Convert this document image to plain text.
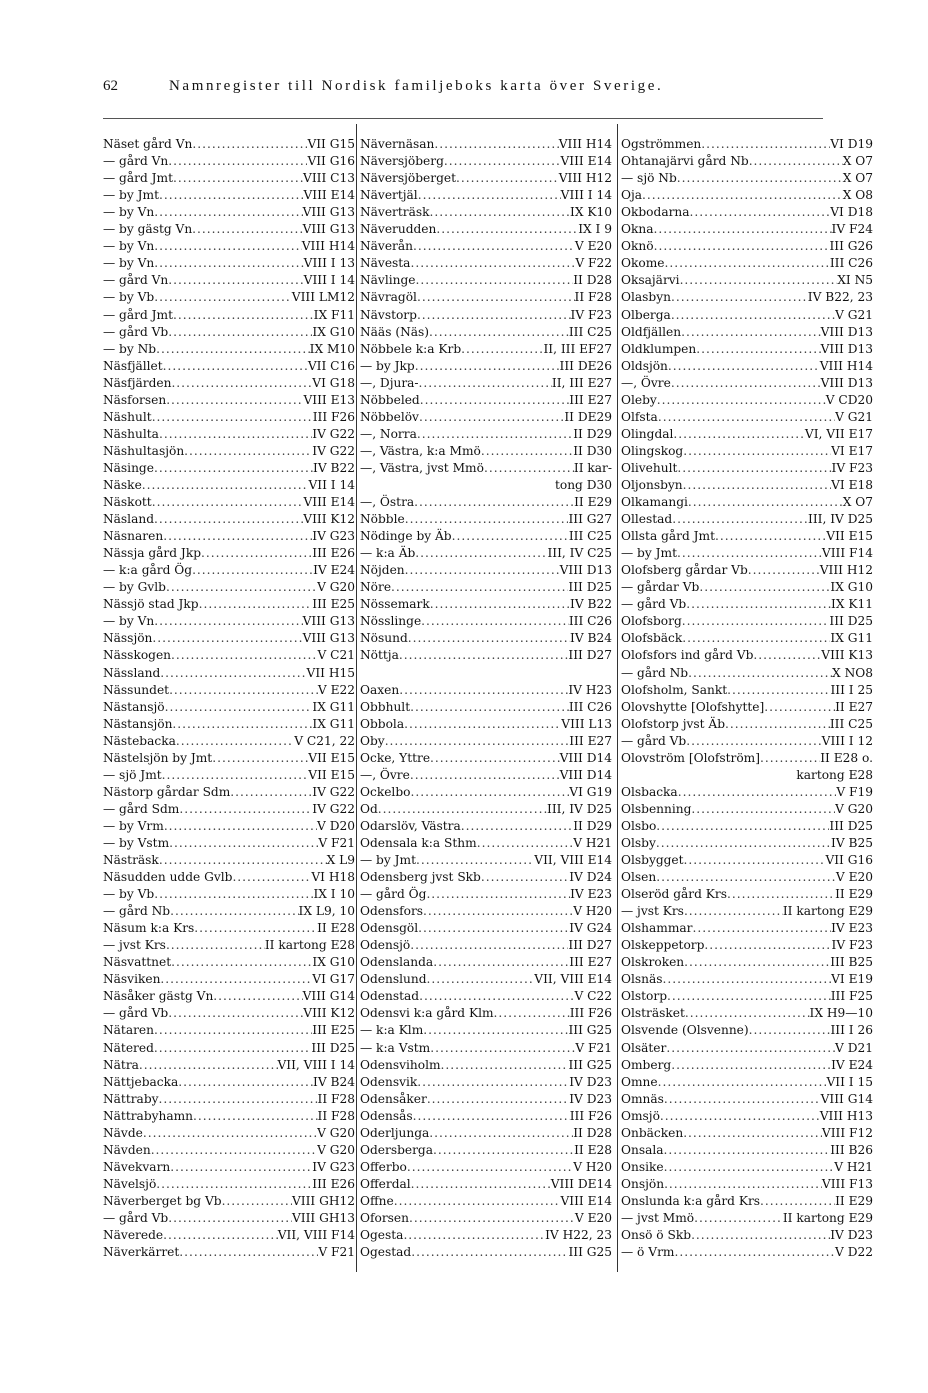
62	Namnregister till Nordisk familjeboks karta över Sverige.
Näset gård Vn .....	VII G15
— gård Vn .....	VII G16
— gård Jmt .....	VIII C13
— by Jmt .....	VIII E14
— by Vn .....	VIII G13
— by gästg Vn .....	VIII G13
— by Vn .....	VIII H14
— by Vn .....	VIII I 13
— gård Vn .....	VIII I 14
— by Vb .....	VIII LM12
— gård Jmt .....	IX F11
— gård Vb .....	IX G10
— by Nb .....	IX M10
Näsfjället .....	VII C16
Näsfjärden .....	VI G18
Näsforsen .....	VIII E13
Näshult .....	III F26
Näshulta .....	IV G22
Näshultasjön .....	IV G22
Näsinge .....	IV B22
Näske .....	VII I 14
Näskott .....	VIII E14
Näsland .....	VIII K12
Näsnaren .....	IV G23
Nässja gård Jkp .....	III E26
— k:a gård Ög .....	IV E24
— by Gvlb .....	V G20
Nässjö stad Jkp .....	III E25
— by Vn .....	VIII G13
Nässjön .....	VIII G13
Nässkogen .....	V C21
Nässland .....	VII H15
Nässundet .....	V E22
Nästansjö .....	IX G11
Nästansjön .....	IX G11
Nästebacka .....	V C21, 22
Nästelsjön by Jmt .....	VII E15
— sjö Jmt .....	VII E15
Nästorp gårdar Sdm .....	IV G22
— gård Sdm .....	IV G22
— by Vrm .....	V D20
— by Vstm .....	V F21
Nästräsk .....	X L9
Näsudden udde Gvlb .....	VI H18
— by Vb .....	IX I 10
— gård Nb .....	IX L9, 10
Näsum k:a Krs .....	II E28
— jvst Krs .....	II kartong E28
Näsvattnet .....	IX G10
Näsviken .....	VI G17
Näsåker gästg Vn .....	VIII G14
— gård Vb .....	VIII K12
Nätaren .....	III E25
Nätered .....	III D25
Nätra .....	VII, VIII I 14
Nättjebacka .....	IV B24
Nättraby .....	II F28
Nättrabyhamn .....	II F28
Nävde .....	V G20
Nävden .....	V G20
Nävekvarn .....	IV G23
Nävelsjö .....	III E26
Näverberget bg Vb .....	VIII GH12
— gård Vb .....	VIII GH13
Näverede .....	VII, VIII F14
Näverkärret .....	V F21
Nävernäsan .....	VIII H14
Näversjöberg .....	VIII E14
Näversjöberget .....	VIII H12
Nävertjäl .....	VIII I 14
Näverträsk .....	IX K10
Näverudden .....	IX I 9
Näverån .....	V E20
Nävesta .....	V F22
Nävlinge .....	II D28
Nävragöl .....	II F28
Nävstorp .....	IV F23
Nääs (Näs) .....	III C25
Nöbbele k:a Krb .....	II, III EF27
— by Jkp .....	III DE26
—, Djura- .....	II, III E27
Nöbbeled .....	III E27
Nöbbelöv .....	II DE29
—, Norra .....	II D29
—, Västra, k:a Mmö .....	II D30
—, Västra, jvst Mmö .....	II kar-
tong D30
—, Östra .....	II E29
Nöbble .....	III G27
Nödinge by Äb .....	III C25
— k:a Äb .....	III, IV C25
Nöjden .....	VIII D13
Nöre .....	III D25
Nössemark .....	IV B22
Nösslinge .....	III C26
Nösund .....	IV B24
Nöttja .....	III D27
Oaxen .....	IV H23
Obbhult .....	III C26
Obbola .....	VIII L13
Oby .....	III E27
Ocke, Yttre .....	VIII D14
—, Övre .....	VIII D14
Ockelbo .....	VI G19
Od .....	III, IV D25
Odarslöv, Västra .....	II D29
Odensala k:a Sthm .....	V H21
— by Jmt .....	VII, VIII E14
Odensberg jvst Skb .....	IV D24
— gård Ög .....	IV E23
Odensfors .....	V H20
Odensgöl .....	IV G24
Odensjö .....	III D27
Odenslanda .....	III E27
Odenslund .....	VII, VIII E14
Odenstad .....	V C22
Odensvi k:a gård Klm .....	III F26
— k:a Klm .....	III G25
— k:a Vstm .....	V F21
Odensviholm .....	III G25
Odensvik .....	IV D23
Odensåker .....	IV D23
Odensås .....	III F26
Oderljunga .....	II D28
Odersberga .....	II E28
Offerbo .....	V H20
Offerdal .....	VIII DE14
Offne .....	VIII E14
Oforsen .....	V E20
Ogesta .....	IV H22, 23
Ogestad .....	III G25
Ogströmmen .....	VI D19
Ohtanajärvi gård Nb .....	X O7
— sjö Nb .....	X O7
Oja .....	X O8
Okbodarna .....	VI D18
Okna .....	IV F24
Oknö .....	III G26
Okome .....	III C26
Oksajärvi .....	XI N5
Olasbyn .....	IV B22, 23
Olberga .....	V G21
Oldfjällen .....	VIII D13
Oldklumpen .....	VIII D13
Oldsjön .....	VIII H14
—, Övre .....	VIII D13
Oleby .....	V CD20
Olfsta .....	V G21
Olingdal .....	VI, VII E17
Olingskog .....	VI E17
Olivehult .....	IV F23
Oljonsbyn .....	VI E18
Olkamangi .....	X O7
Ollestad .....	III, IV D25
Ollsta gård Jmt .....	VII E15
— by Jmt .....	VIII F14
Olofsberg gårdar Vb .....	VIII H12
— gårdar Vb .....	IX G10
— gård Vb .....	IX K11
Olofsborg .....	III D25
Olofsbäck .....	IX G11
Olofsfors ind gård Vb .....	VIII K13
— gård Nb .....	X NO8
Olofsholm, Sankt .....	III I 25
Olovshytte [Olofshytte] .....	II E27
Olofstorp jvst Äb .....	III C25
— gård Vb .....	VIII I 12
Olovström [Olofström] .....	II E28 o.
kartong E28
Olsbacka .....	V F19
Olsbenning .....	V G20
Olsbo .....	III D25
Olsby .....	IV B25
Olsbygget .....	VII G16
Olsen .....	V E20
Olseröd gård Krs .....	II E29
— jvst Krs .....	II kartong E29
Olshammar .....	IV E23
Olskeppetorp .....	IV F23
Olskroken .....	III B25
Olsnäs .....	VI E19
Olstorp .....	III F25
Olsträsket .....	IX H9—10
Olsvende (Olsvenne) .....	III I 26
Olsäter .....	V D21
Omberg .....	IV E24
Omne .....	VII I 15
Omnäs .....	VIII G14
Omsjö .....	VIII H13
Onbäcken .....	VIII F12
Onsala .....	III B26
Onsike .....	V H21
Onsjön .....	VIII F13
Onslunda k:a gård Krs .....	II E29
— jvst Mmö .....	II kartong E29
Onsö ö Skb .....	IV D23
— ö Vrm .....	V D22
